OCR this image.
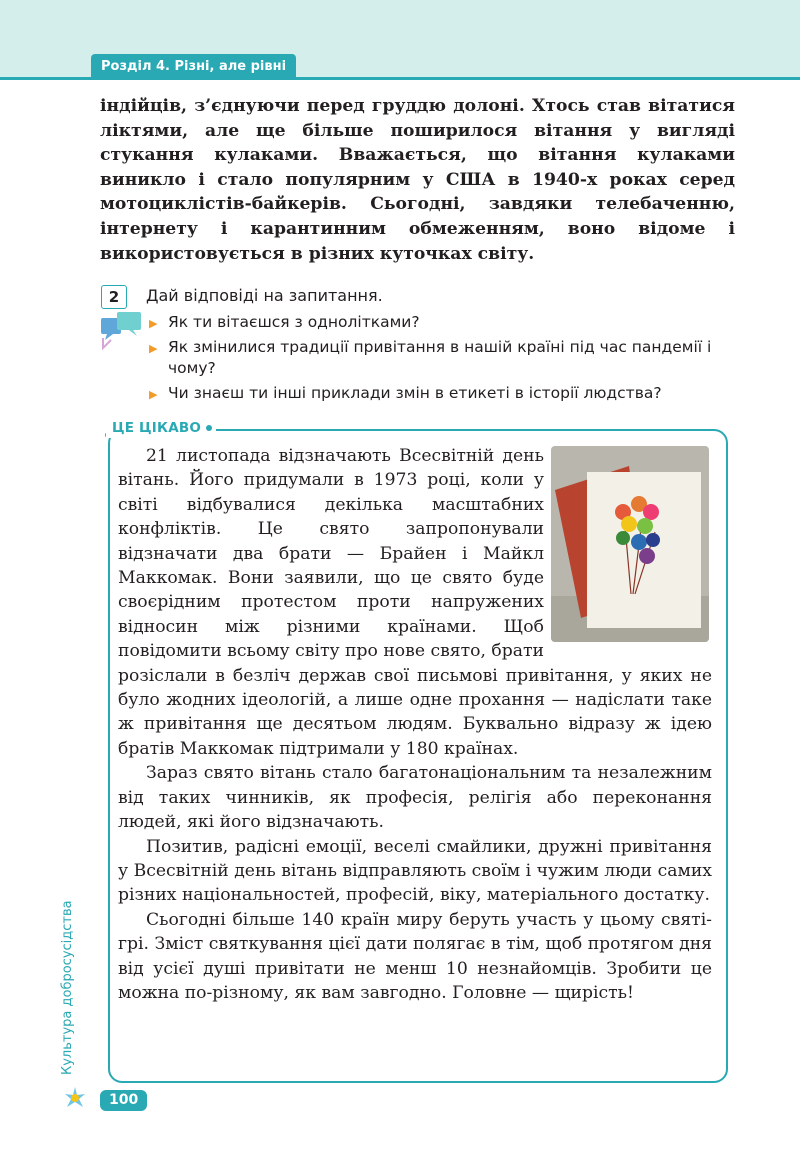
Розділ 4. Різні, але рівні

індійців, з’єднуючи перед груддю долоні. Хтось став вітатися ліктями, але ще більше поширилося вітання у вигляді стукання кулаками. Вважається, що вітання кулаками виникло і стало популярним у США в 1940-х роках серед мотоциклістів-байкерів. Сьогодні, завдяки телебаченню, інтернету і карантинним обмеженням, воно відоме і використовується в різних куточках світу.

2	Дай відповіді на запитання.
▶ Як ти вітаєшся з однолітками?
▶ Як змінилися традиції привітання в нашій країні під час пандемії і чому?
▶ Чи знаєш ти інші приклади змін в етикеті в історії людства?
ЦЕ ЦІКАВО

21 листопада відзначають Всесвітній день вітань. Його придумали в 1973 році, коли у світі відбувалися декілька масштабних конфліктів. Це свято запропонували відзначати два брати — Брайен і Майкл Маккомак. Вони заявили, що це свято буде своєрідним протестом проти напружених відносин між різними країнами. Щоб повідомити всьому світу про нове свято, брати розіслали в безліч держав свої письмові привітання, у яких не було жодних ідеологій, а лише одне прохання — надіслати таке ж привітання ще десятьом людям. Буквально відразу ж ідею братів Маккомак підтримали у 180 країнах.

Зараз свято вітань стало багатонаціональним та незалежним від таких чинників, як професія, релігія або переконання людей, які його відзначають.

Позитив, радісні емоції, веселі смайлики, дружні привітання у Всесвітній день вітань відправляють своїм і чужим люди самих різних національностей, професій, віку, матеріального достатку.

Сьогодні більше 140 країн миру беруть участь у цьому святі-грі. Зміст святкування цієї дати полягає в тім, щоб протягом дня від усієї душі привітати не менш 10 незнайомців. Зробити це можна по-різному, як вам завгодно. Головне — щирість!

Культура добросусідства
100
